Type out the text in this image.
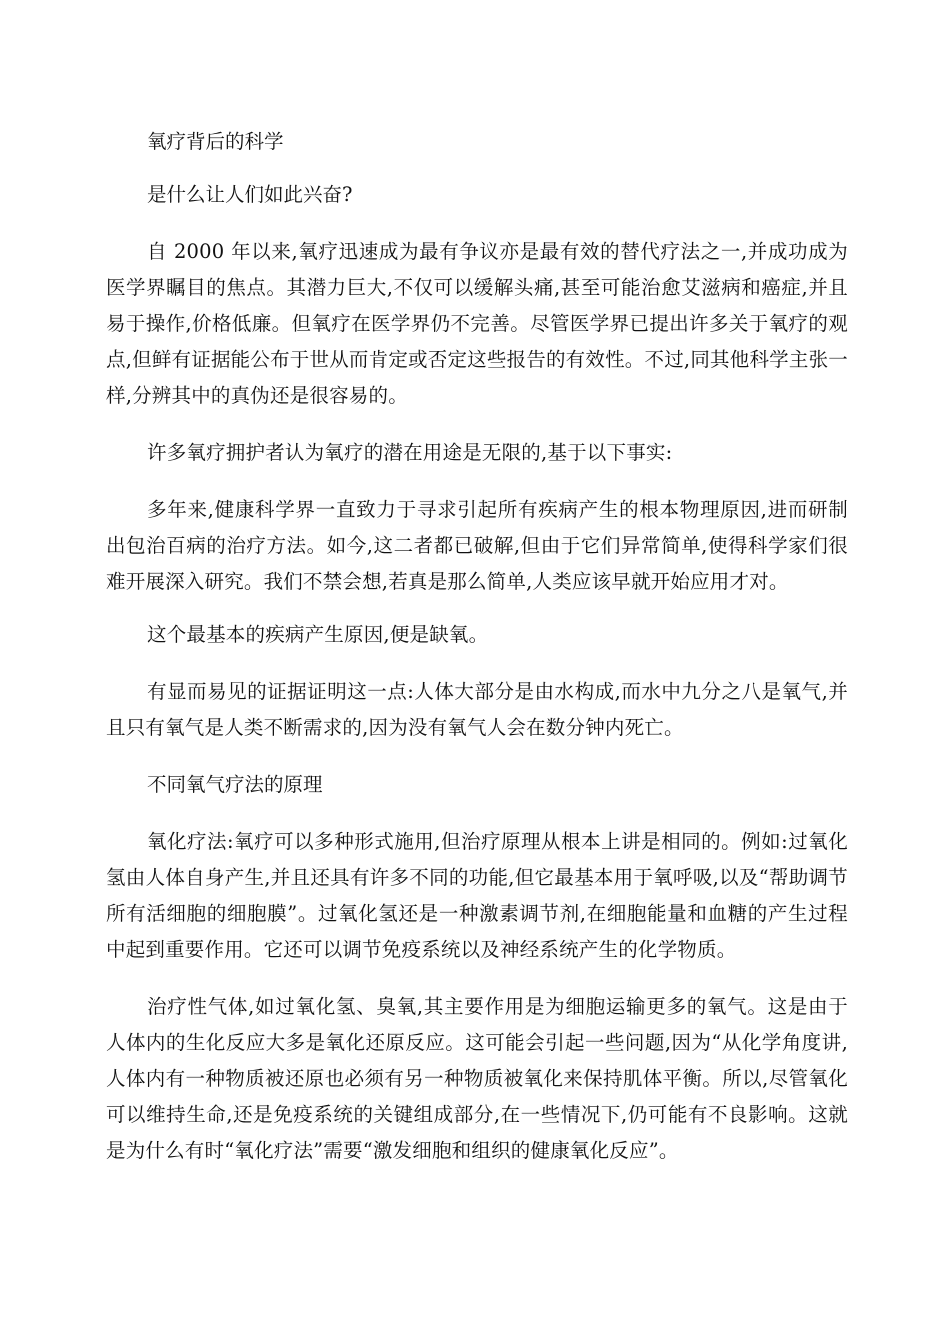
氧疗背后的科学

是什么让人们如此兴奋?

自 2000 年以来,氧疗迅速成为最有争议亦是最有效的替代疗法之一,并成功成为医学界瞩目的焦点。其潜力巨大,不仅可以缓解头痛,甚至可能治愈艾滋病和癌症,并且易于操作,价格低廉。但氧疗在医学界仍不完善。尽管医学界已提出许多关于氧疗的观点,但鲜有证据能公布于世从而肯定或否定这些报告的有效性。不过,同其他科学主张一样,分辨其中的真伪还是很容易的。

许多氧疗拥护者认为氧疗的潜在用途是无限的,基于以下事实:

多年来,健康科学界一直致力于寻求引起所有疾病产生的根本物理原因,进而研制出包治百病的治疗方法。如今,这二者都已破解,但由于它们异常简单,使得科学家们很难开展深入研究。我们不禁会想,若真是那么简单,人类应该早就开始应用才对。

这个最基本的疾病产生原因,便是缺氧。

有显而易见的证据证明这一点:人体大部分是由水构成,而水中九分之八是氧气,并且只有氧气是人类不断需求的,因为没有氧气人会在数分钟内死亡。

不同氧气疗法的原理

氧化疗法:氧疗可以多种形式施用,但治疗原理从根本上讲是相同的。例如:过氧化氢由人体自身产生,并且还具有许多不同的功能,但它最基本用于氧呼吸,以及“帮助调节所有活细胞的细胞膜”。过氧化氢还是一种激素调节剂,在细胞能量和血糖的产生过程中起到重要作用。它还可以调节免疫系统以及神经系统产生的化学物质。

治疗性气体,如过氧化氢、臭氧,其主要作用是为细胞运输更多的氧气。这是由于人体内的生化反应大多是氧化还原反应。这可能会引起一些问题,因为“从化学角度讲,人体内有一种物质被还原也必须有另一种物质被氧化来保持肌体平衡。所以,尽管氧化可以维持生命,还是免疫系统的关键组成部分,在一些情况下,仍可能有不良影响。这就是为什么有时“氧化疗法”需要“激发细胞和组织的健康氧化反应”。
